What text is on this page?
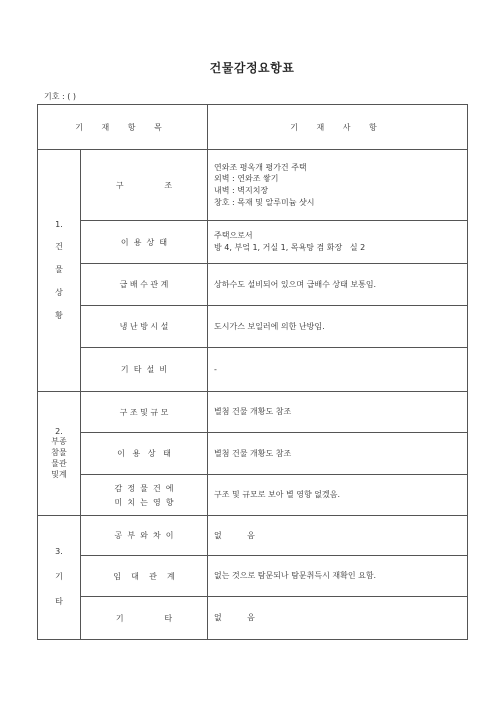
건물감정요항표
기호 : ( )
기 재 항 목		기 재 사 항

1.
건
물
상
황	구                조	연와조 평옥개 평가건 주택
외벽 : 연와조 쌓기
내벽 : 벽지치장
창호 : 목재 및 알루미늄 샷시

	이  용  상  태	주택으로서
방 4, 부엌 1, 거실 1, 목욕탕 겸 화장   실 2

	급 배 수 관 계	상하수도 설비되어 있으며 급배수 상태 보통임.
	냉 난 방 시 설	도시가스 보일러에 의한 난방임.
	기  타  설  비	-

2.
부종
참물
물관
및계	구 조 및 규 모	별첨 건물 개황도 참조
	이   용   상   태	별첨 건물 개황도 참조

	감  정  물  건  에
미  치  는  영  향	구조 및 규모로 보아 별 영향 없겠음.

3.
기
타	공  부  와  차  이	없          음
	임    대    관    계	없는 것으로 탐문되나 탐문취득시 재확인 요함.
	기                타	없          음
